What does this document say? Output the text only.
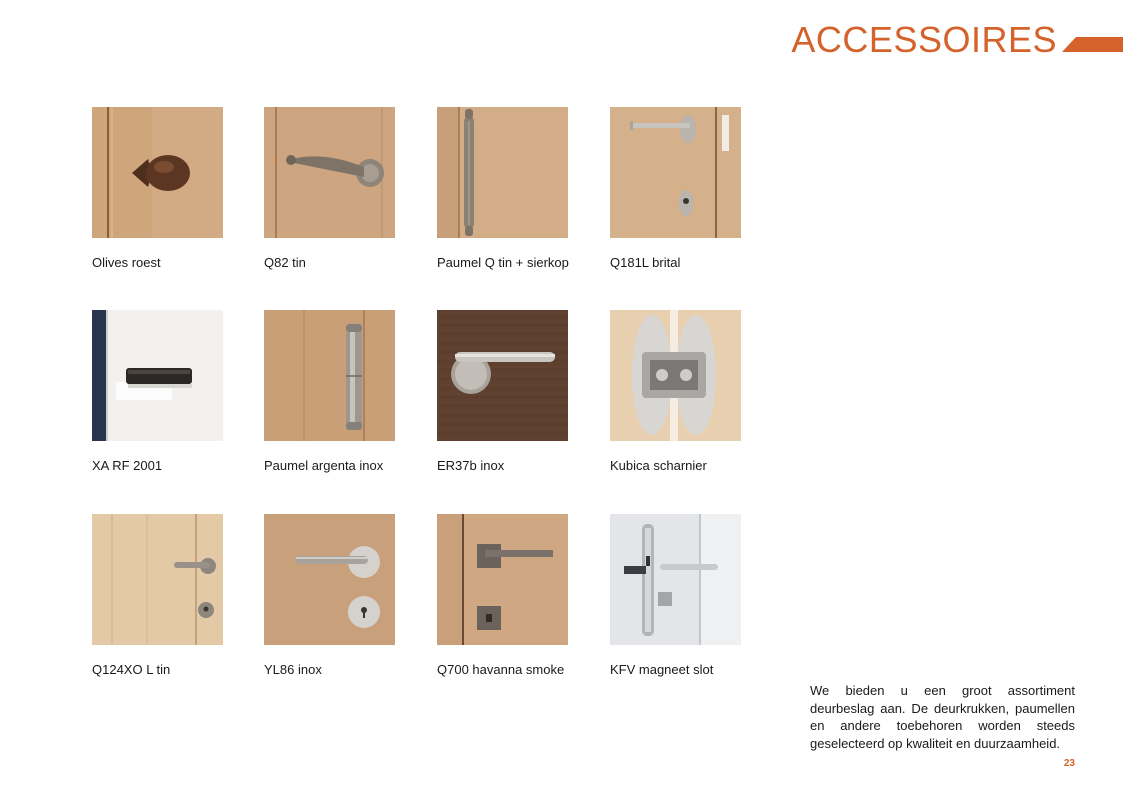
ACCESSOIRES
Olives roest	Q82 tin	Paumel Q tin + sierkop	Q181L brital
XA RF 2001	Paumel argenta inox	ER37b inox	Kubica scharnier
Q124XO L tin	YL86 inox	Q700 havanna smoke	KFV magneet slot

We bieden u een groot assortiment deurbeslag aan. De deurkrukken, paumellen en andere toebehoren worden steeds geselecteerd op kwaliteit en duurzaamheid.

23
